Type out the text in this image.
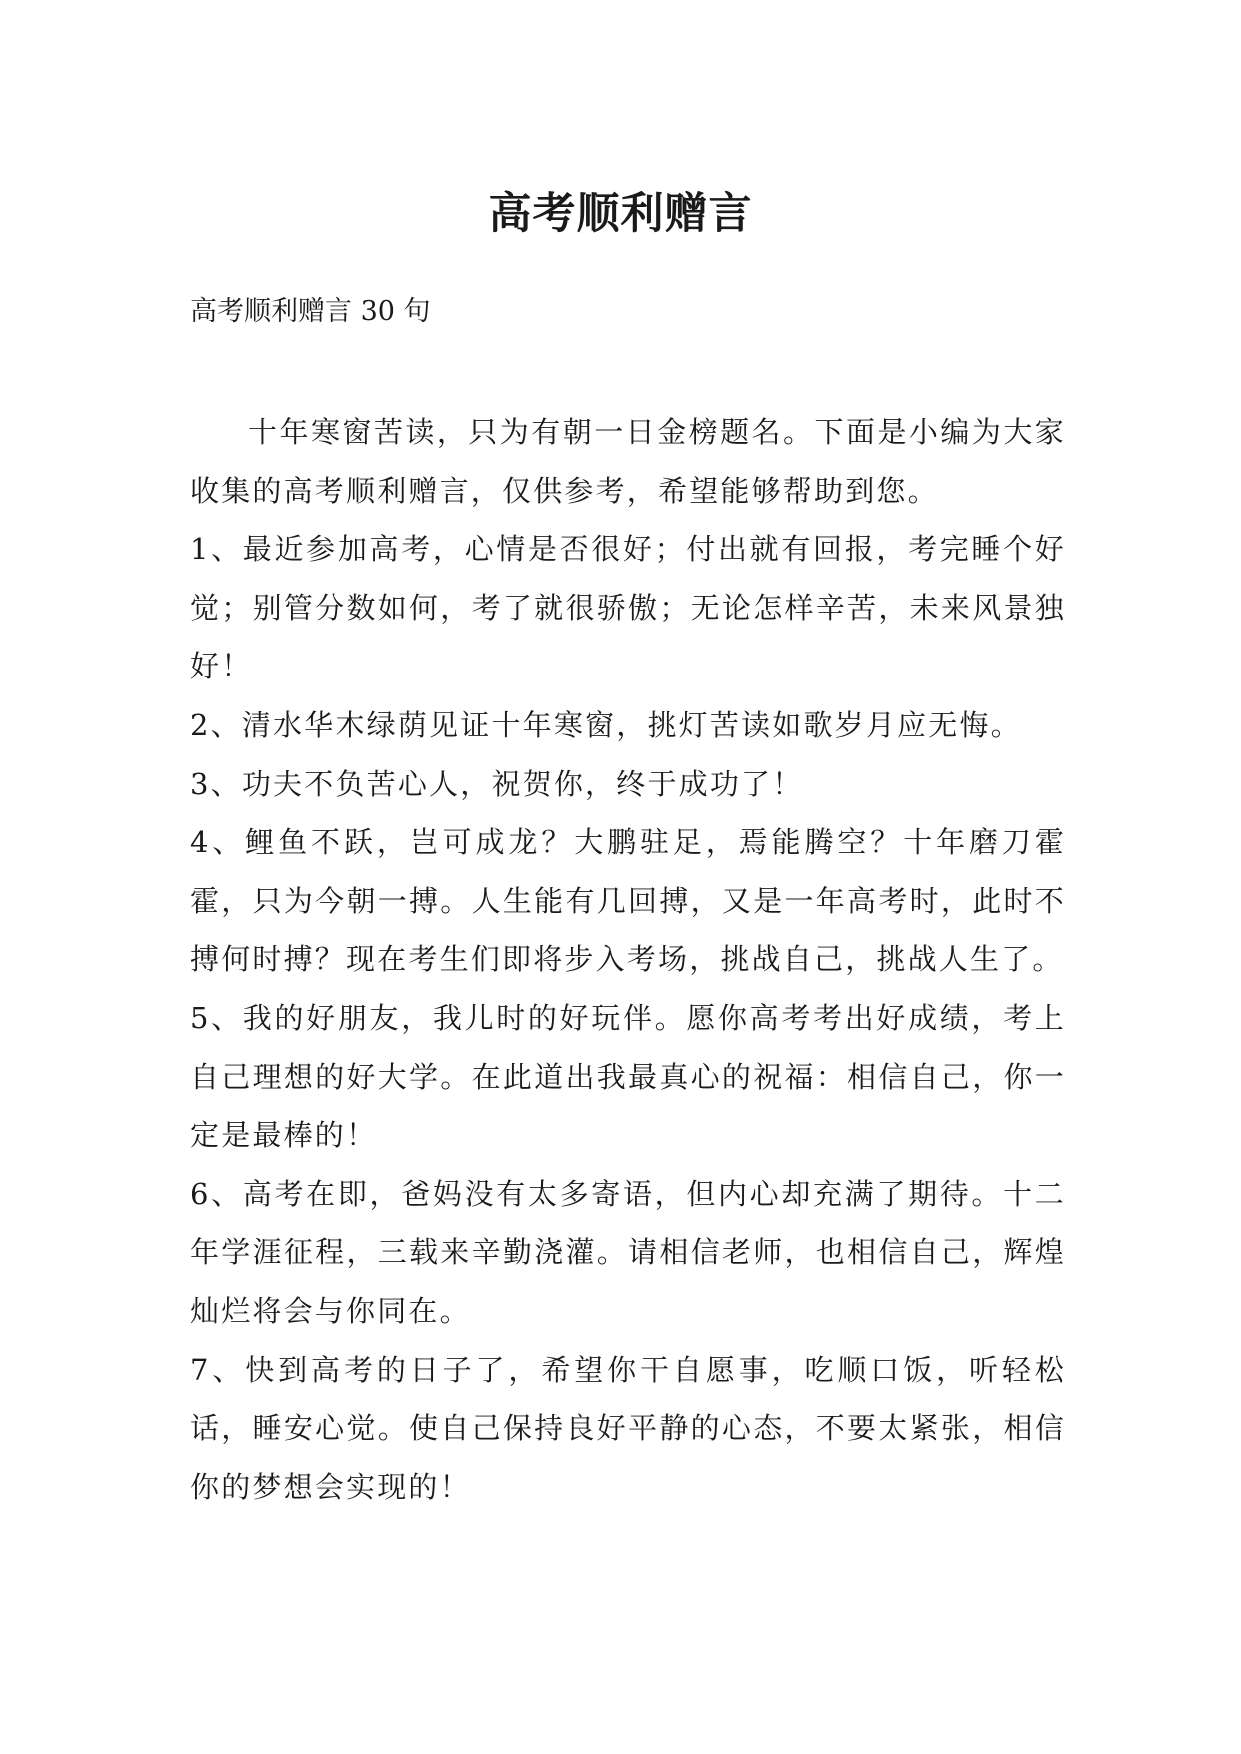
高考顺利赠言
高考顺利赠言 30 句

十年寒窗苦读，只为有朝一日金榜题名。下面是小编为大家收集的高考顺利赠言，仅供参考，希望能够帮助到您。

1、最近参加高考，心情是否很好；付出就有回报，考完睡个好觉；别管分数如何，考了就很骄傲；无论怎样辛苦，未来风景独好！

2、清水华木绿荫见证十年寒窗，挑灯苦读如歌岁月应无悔。

3、功夫不负苦心人，祝贺你，终于成功了！

4、鲤鱼不跃，岂可成龙？大鹏驻足，焉能腾空？十年磨刀霍霍，只为今朝一搏。人生能有几回搏，又是一年高考时，此时不搏何时搏？现在考生们即将步入考场，挑战自己，挑战人生了。

5、我的好朋友，我儿时的好玩伴。愿你高考考出好成绩，考上自己理想的好大学。在此道出我最真心的祝福：相信自己，你一定是最棒的！

6、高考在即，爸妈没有太多寄语，但内心却充满了期待。十二年学涯征程，三载来辛勤浇灌。请相信老师，也相信自己，辉煌灿烂将会与你同在。

7、快到高考的日子了，希望你干自愿事，吃顺口饭，听轻松话，睡安心觉。使自己保持良好平静的心态，不要太紧张，相信你的梦想会实现的！
